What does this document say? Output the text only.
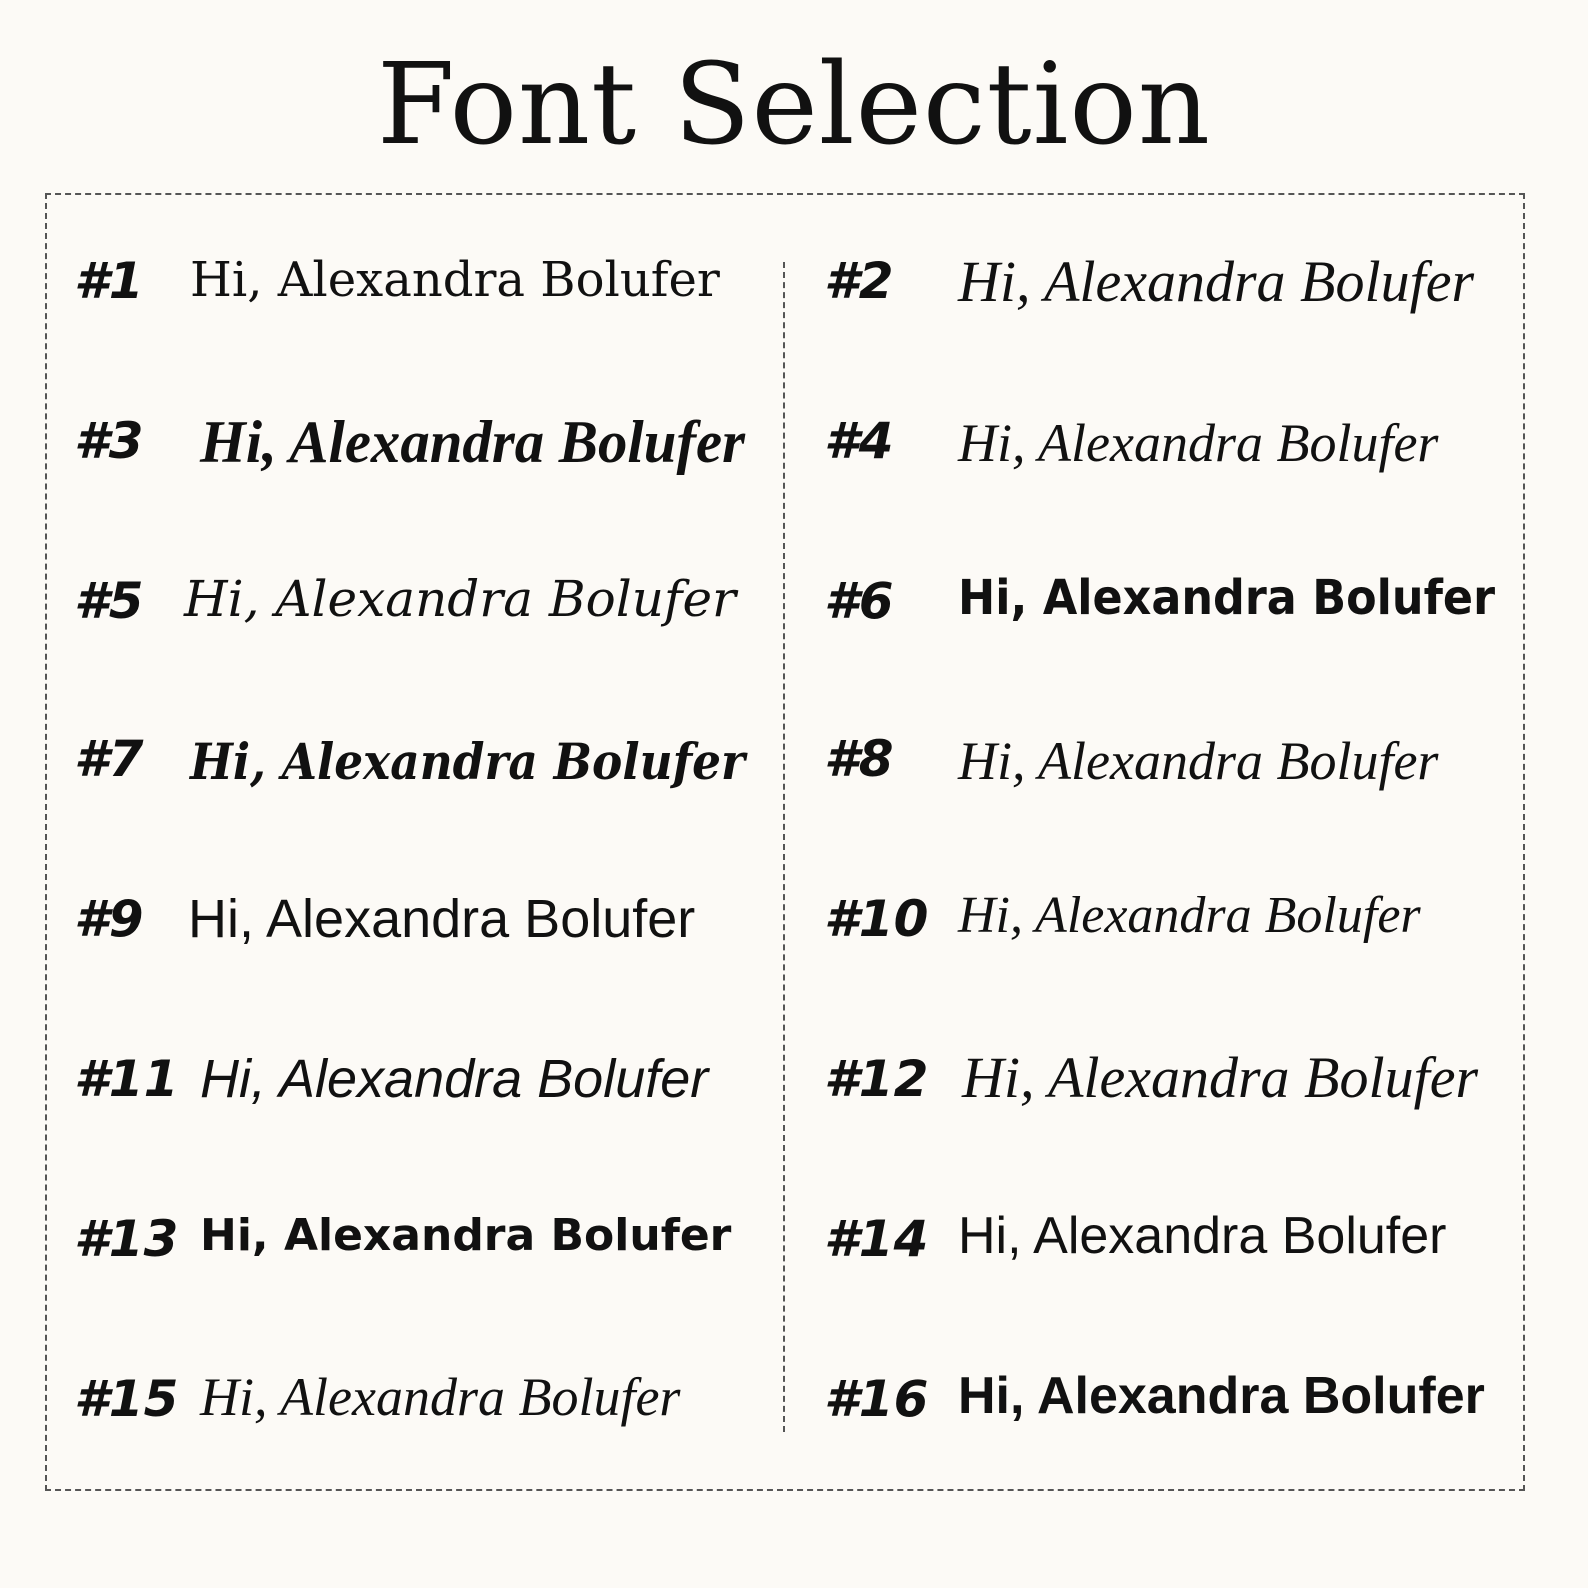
Font Selection
#1 Hi, Alexandra Bolufer #2 Hi, Alexandra Bolufer
#3 Hi, Alexandra Bolufer #4 Hi, Alexandra Bolufer
#5 Hi, Alexandra Bolufer #6 Hi, Alexandra Bolufer
#7 Hi, Alexandra Bolufer #8 Hi, Alexandra Bolufer
#9 Hi, Alexandra Bolufer	#10 Hi, Alexandra Bolufer
#11 Hi, Alexandra Bolufer #12 Hi, Alexandra Bolufer
#13 Hi, Alexandra Bolufer #14 Hi, Alexandra Bolufer
#15 Hi, Alexandra Bolufer	#16 Hi, Alexandra Bolufer
